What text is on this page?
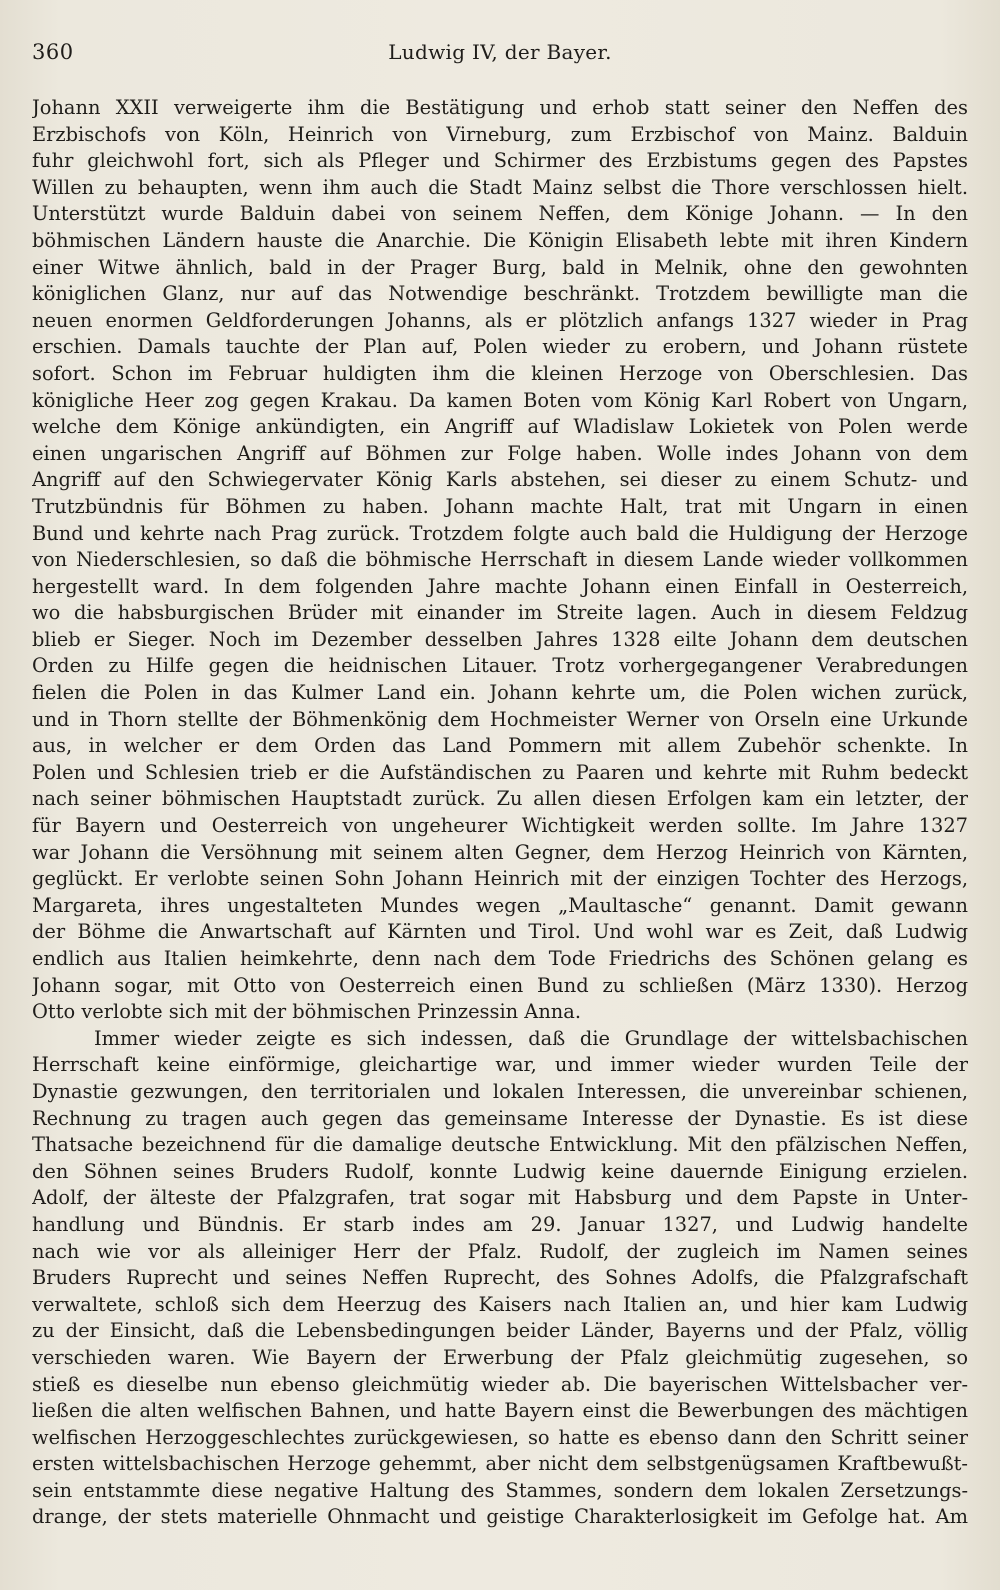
360	Ludwig IV, der Bayer.
Johann XXII verweigerte ihm die Bestätigung und erhob statt seiner den Neffen des
Erzbischofs von Köln, Heinrich von Virneburg, zum Erzbischof von Mainz. Balduin
fuhr gleichwohl fort, sich als Pfleger und Schirmer des Erzbistums gegen des Papstes
Willen zu behaupten, wenn ihm auch die Stadt Mainz selbst die Thore verschlossen hielt.
Unterstützt wurde Balduin dabei von seinem Neffen, dem Könige Johann. — In den
böhmischen Ländern hauste die Anarchie. Die Königin Elisabeth lebte mit ihren Kindern
einer Witwe ähnlich, bald in der Prager Burg, bald in Melnik, ohne den gewohnten
königlichen Glanz, nur auf das Notwendige beschränkt. Trotzdem bewilligte man die
neuen enormen Geldforderungen Johanns, als er plötzlich anfangs 1327 wieder in Prag
erschien. Damals tauchte der Plan auf, Polen wieder zu erobern, und Johann rüstete
sofort. Schon im Februar huldigten ihm die kleinen Herzoge von Oberschlesien. Das
königliche Heer zog gegen Krakau. Da kamen Boten vom König Karl Robert von Ungarn,
welche dem Könige ankündigten, ein Angriff auf Wladislaw Lokietek von Polen werde
einen ungarischen Angriff auf Böhmen zur Folge haben. Wolle indes Johann von dem
Angriff auf den Schwiegervater König Karls abstehen, sei dieser zu einem Schutz- und
Trutzbündnis für Böhmen zu haben. Johann machte Halt, trat mit Ungarn in einen
Bund und kehrte nach Prag zurück. Trotzdem folgte auch bald die Huldigung der Herzoge
von Niederschlesien, so daß die böhmische Herrschaft in diesem Lande wieder vollkommen
hergestellt ward. In dem folgenden Jahre machte Johann einen Einfall in Oesterreich,
wo die habsburgischen Brüder mit einander im Streite lagen. Auch in diesem Feldzug
blieb er Sieger. Noch im Dezember desselben Jahres 1328 eilte Johann dem deutschen
Orden zu Hilfe gegen die heidnischen Litauer. Trotz vorhergegangener Verabredungen
fielen die Polen in das Kulmer Land ein. Johann kehrte um, die Polen wichen zurück,
und in Thorn stellte der Böhmenkönig dem Hochmeister Werner von Orseln eine Urkunde
aus, in welcher er dem Orden das Land Pommern mit allem Zubehör schenkte. In
Polen und Schlesien trieb er die Aufständischen zu Paaren und kehrte mit Ruhm bedeckt
nach seiner böhmischen Hauptstadt zurück. Zu allen diesen Erfolgen kam ein letzter, der
für Bayern und Oesterreich von ungeheurer Wichtigkeit werden sollte. Im Jahre 1327
war Johann die Versöhnung mit seinem alten Gegner, dem Herzog Heinrich von Kärnten,
geglückt. Er verlobte seinen Sohn Johann Heinrich mit der einzigen Tochter des Herzogs,
Margareta, ihres ungestalteten Mundes wegen „Maultasche“ genannt. Damit gewann
der Böhme die Anwartschaft auf Kärnten und Tirol. Und wohl war es Zeit, daß Ludwig
endlich aus Italien heimkehrte, denn nach dem Tode Friedrichs des Schönen gelang es
Johann sogar, mit Otto von Oesterreich einen Bund zu schließen (März 1330). Herzog
Otto verlobte sich mit der böhmischen Prinzessin Anna.
Immer wieder zeigte es sich indessen, daß die Grundlage der wittelsbachischen
Herrschaft keine einförmige, gleichartige war, und immer wieder wurden Teile der
Dynastie gezwungen, den territorialen und lokalen Interessen, die unvereinbar schienen,
Rechnung zu tragen auch gegen das gemeinsame Interesse der Dynastie. Es ist diese
Thatsache bezeichnend für die damalige deutsche Entwicklung. Mit den pfälzischen Neffen,
den Söhnen seines Bruders Rudolf, konnte Ludwig keine dauernde Einigung erzielen.
Adolf, der älteste der Pfalzgrafen, trat sogar mit Habsburg und dem Papste in Unter-
handlung und Bündnis. Er starb indes am 29. Januar 1327, und Ludwig handelte
nach wie vor als alleiniger Herr der Pfalz. Rudolf, der zugleich im Namen seines
Bruders Ruprecht und seines Neffen Ruprecht, des Sohnes Adolfs, die Pfalzgrafschaft
verwaltete, schloß sich dem Heerzug des Kaisers nach Italien an, und hier kam Ludwig
zu der Einsicht, daß die Lebensbedingungen beider Länder, Bayerns und der Pfalz, völlig
verschieden waren. Wie Bayern der Erwerbung der Pfalz gleichmütig zugesehen, so
stieß es dieselbe nun ebenso gleichmütig wieder ab. Die bayerischen Wittelsbacher ver-
ließen die alten welfischen Bahnen, und hatte Bayern einst die Bewerbungen des mächtigen
welfischen Herzoggeschlechtes zurückgewiesen, so hatte es ebenso dann den Schritt seiner
ersten wittelsbachischen Herzoge gehemmt, aber nicht dem selbstgenügsamen Kraftbewußt-
sein entstammte diese negative Haltung des Stammes, sondern dem lokalen Zersetzungs-
drange, der stets materielle Ohnmacht und geistige Charakterlosigkeit im Gefolge hat. Am
